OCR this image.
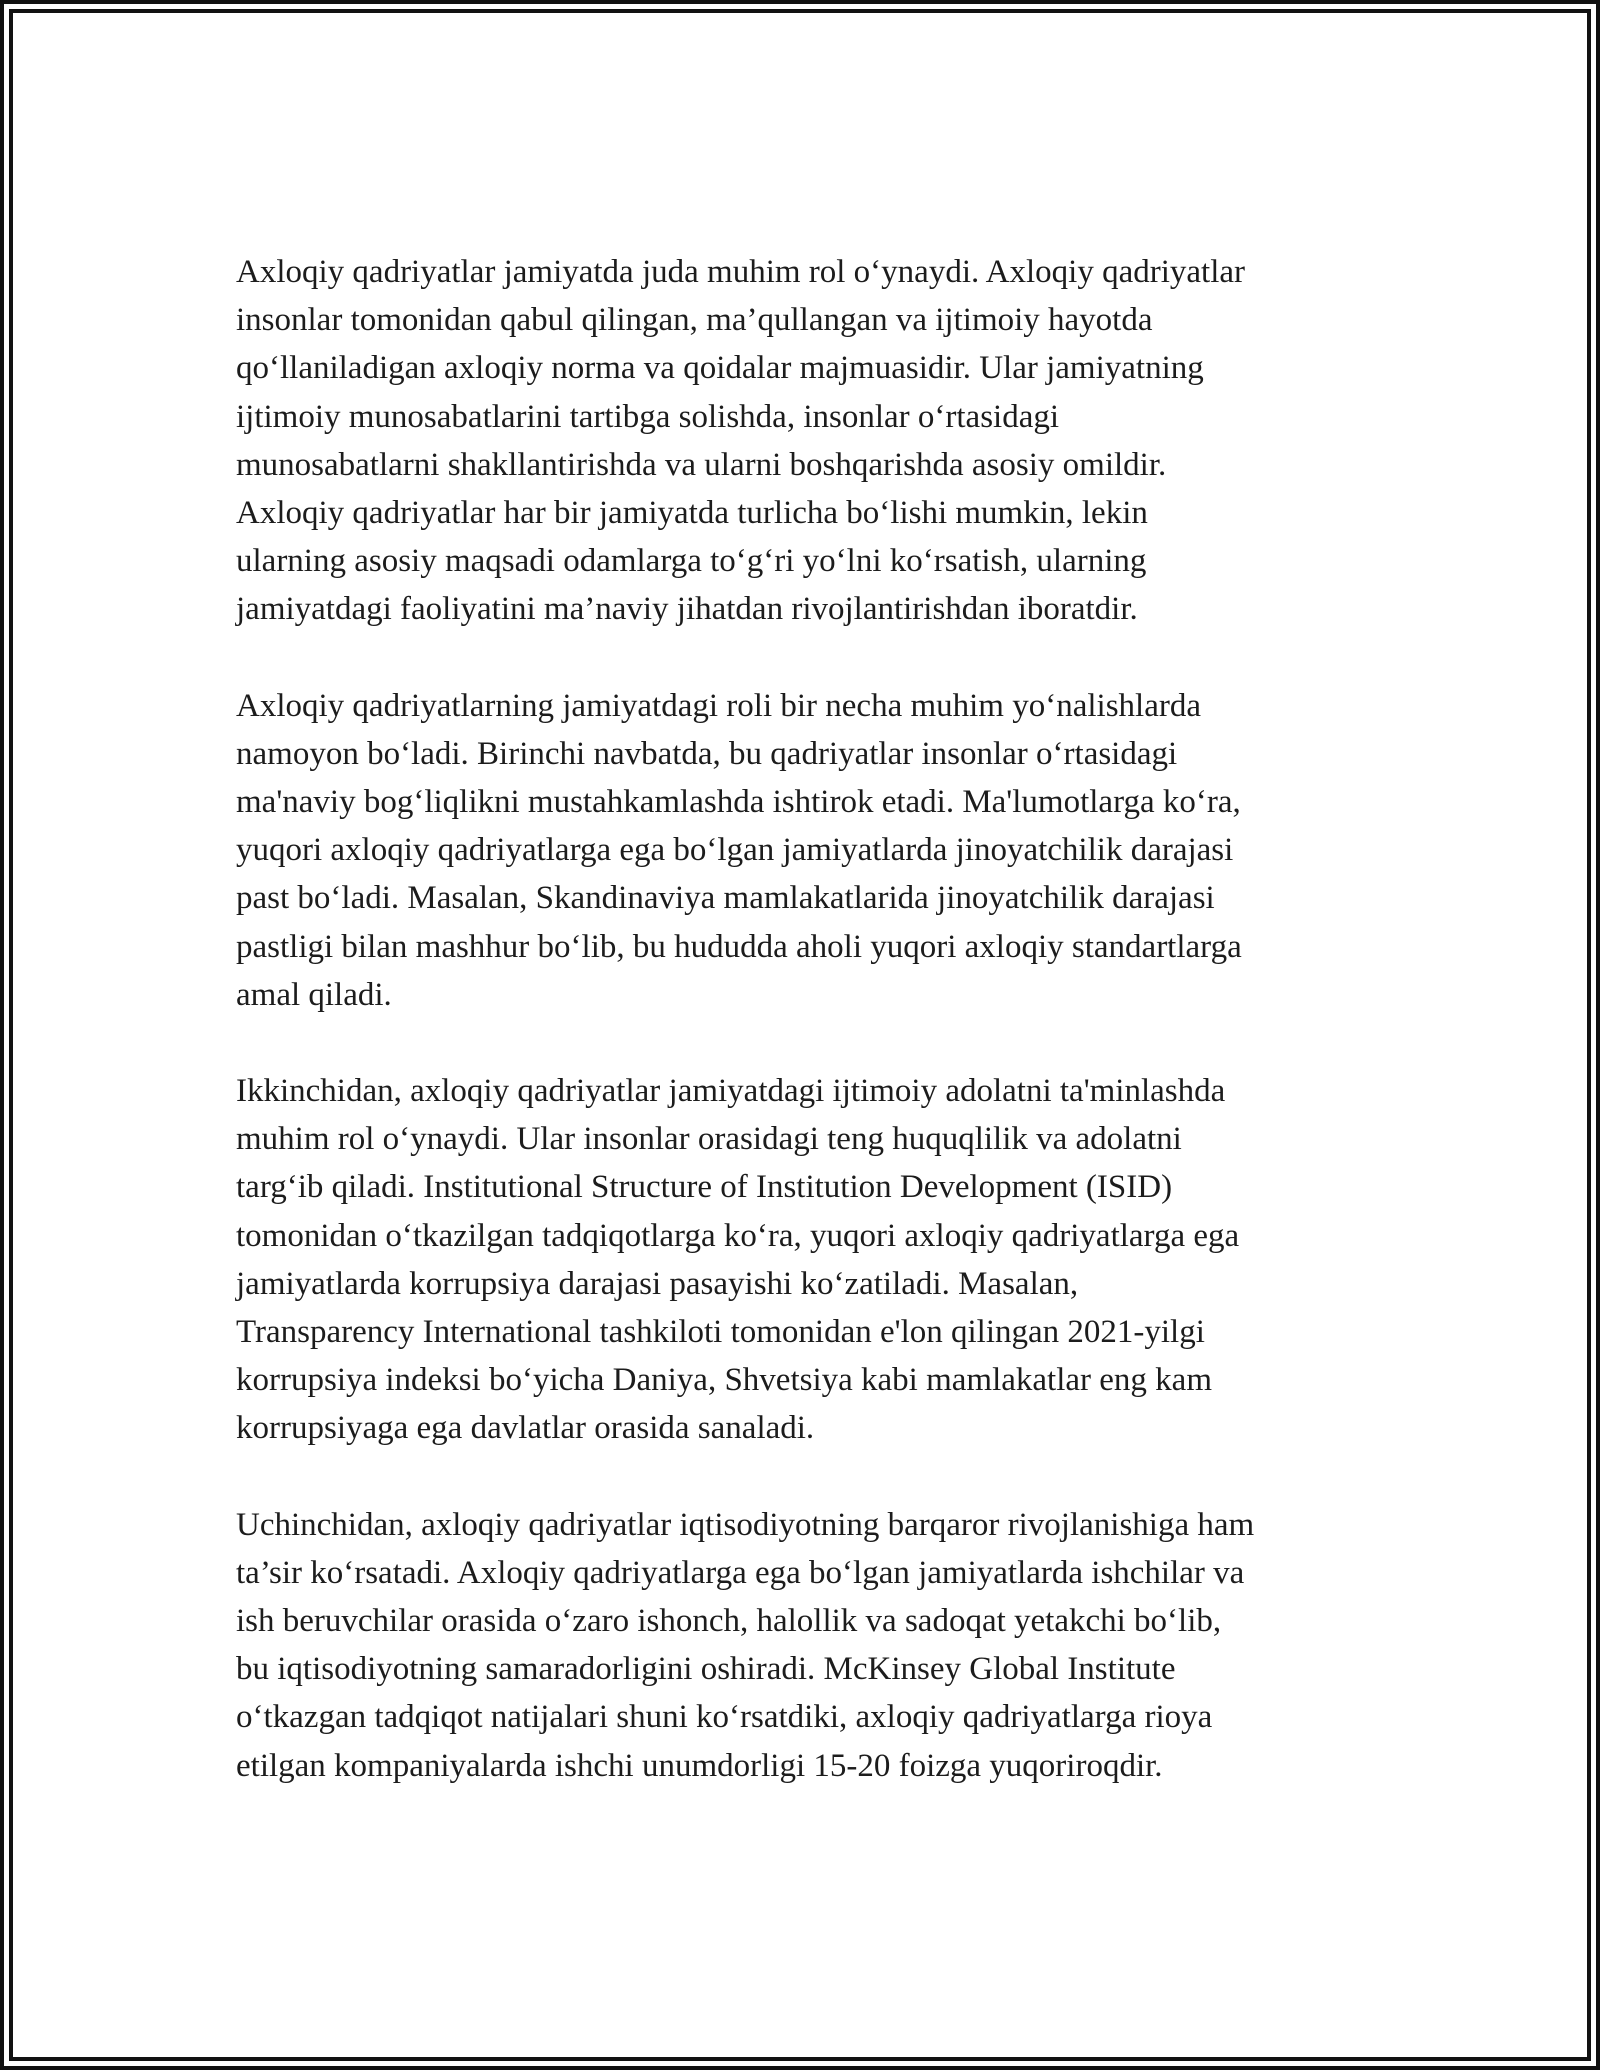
Axloqiy qadriyatlar jamiyatda juda muhim rol o‘ynaydi. Axloqiy qadriyatlar
insonlar tomonidan qabul qilingan, ma’qullangan va ijtimoiy hayotda
qo‘llaniladigan axloqiy norma va qoidalar majmuasidir. Ular jamiyatning
ijtimoiy munosabatlarini tartibga solishda, insonlar o‘rtasidagi
munosabatlarni shakllantirishda va ularni boshqarishda asosiy omildir.
Axloqiy qadriyatlar har bir jamiyatda turlicha bo‘lishi mumkin, lekin
ularning asosiy maqsadi odamlarga to‘g‘ri yo‘lni ko‘rsatish, ularning
jamiyatdagi faoliyatini ma’naviy jihatdan rivojlantirishdan iboratdir.

Axloqiy qadriyatlarning jamiyatdagi roli bir necha muhim yo‘nalishlarda
namoyon bo‘ladi. Birinchi navbatda, bu qadriyatlar insonlar o‘rtasidagi
ma'naviy bog‘liqlikni mustahkamlashda ishtirok etadi. Ma'lumotlarga ko‘ra,
yuqori axloqiy qadriyatlarga ega bo‘lgan jamiyatlarda jinoyatchilik darajasi
past bo‘ladi. Masalan, Skandinaviya mamlakatlarida jinoyatchilik darajasi
pastligi bilan mashhur bo‘lib, bu hududda aholi yuqori axloqiy standartlarga
amal qiladi.

Ikkinchidan, axloqiy qadriyatlar jamiyatdagi ijtimoiy adolatni ta'minlashda
muhim rol o‘ynaydi. Ular insonlar orasidagi teng huquqlilik va adolatni
targ‘ib qiladi. Institutional Structure of Institution Development (ISID)
tomonidan o‘tkazilgan tadqiqotlarga ko‘ra, yuqori axloqiy qadriyatlarga ega
jamiyatlarda korrupsiya darajasi pasayishi ko‘zatiladi. Masalan,
Transparency International tashkiloti tomonidan e'lon qilingan 2021-yilgi
korrupsiya indeksi bo‘yicha Daniya, Shvetsiya kabi mamlakatlar eng kam
korrupsiyaga ega davlatlar orasida sanaladi.

Uchinchidan, axloqiy qadriyatlar iqtisodiyotning barqaror rivojlanishiga ham
ta’sir ko‘rsatadi. Axloqiy qadriyatlarga ega bo‘lgan jamiyatlarda ishchilar va
ish beruvchilar orasida o‘zaro ishonch, halollik va sadoqat yetakchi bo‘lib,
bu iqtisodiyotning samaradorligini oshiradi. McKinsey Global Institute
o‘tkazgan tadqiqot natijalari shuni ko‘rsatdiki, axloqiy qadriyatlarga rioya
etilgan kompaniyalarda ishchi unumdorligi 15-20 foizga yuqoriroqdir.
